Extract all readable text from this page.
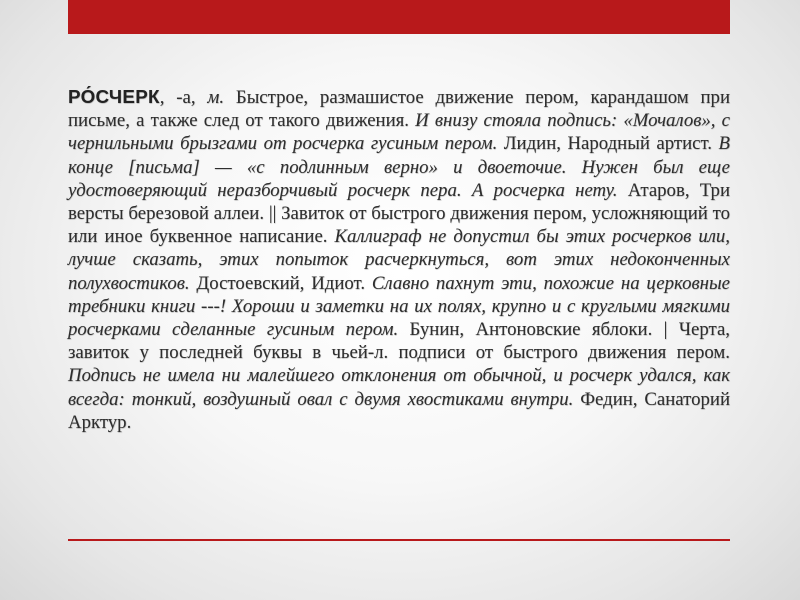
РО́СЧЕРК, -а, м. Быстрое, размашистое движение пером, карандашом при письме, а также след от такого движения. И внизу стояла подпись: «Мочалов», с чернильными брызгами от росчерка гусиным пером. Лидин, Народный артист. В конце [письма] — «с подлинным верно» и двоеточие. Нужен был еще удостоверяющий неразборчивый росчерк пера. А росчерка нету. Атаров, Три версты березовой аллеи. || Завиток от быстрого движения пером, усложняющий то или иное буквенное написание. Каллиграф не допустил бы этих росчерков или, лучше сказать, этих попыток расчеркнуться, вот этих недоконченных полухвостиков. Достоевский, Идиот. Славно пахнут эти, похожие на церковные требники книги ---! Хороши и заметки на их полях, крупно и с круглыми мягкими росчерками сделанные гусиным пером. Бунин, Антоновские яблоки. | Черта, завиток у последней буквы в чьей-л. подписи от быстрого движения пером. Подпись не имела ни малейшего отклонения от обычной, и росчерк удался, как всегда: тонкий, воздушный овал с двумя хвостиками внутри. Федин, Санаторий Арктур.
